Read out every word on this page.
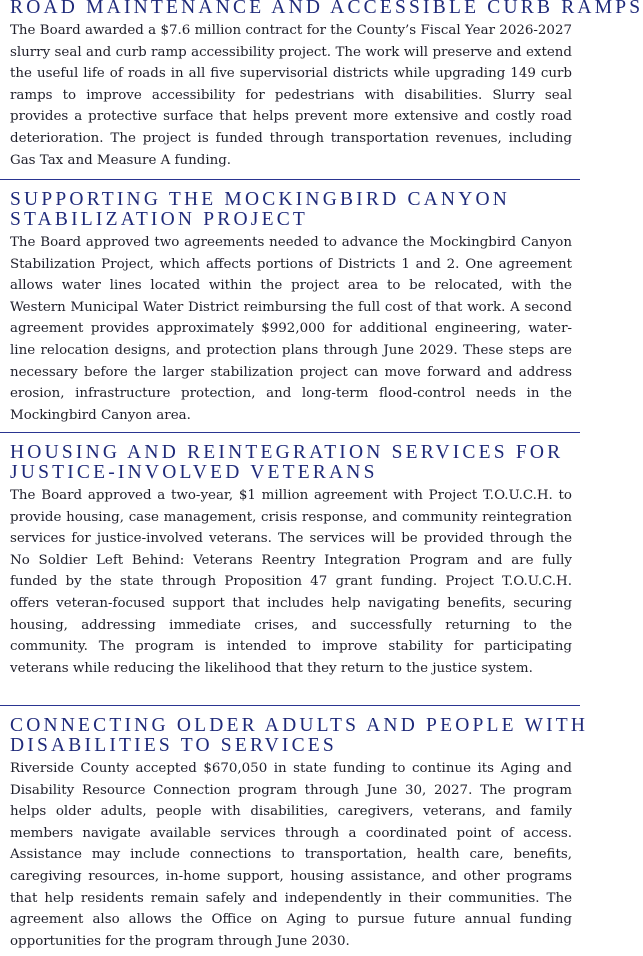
ROAD MAINTENANCE AND ACCESSIBLE CURB RAMPS

The Board awarded a $7.6 million contract for the County’s Fiscal Year 2026-2027 slurry seal and curb ramp accessibility project. The work will preserve and extend the useful life of roads in all five supervisorial districts while upgrading 149 curb ramps to improve accessibility for pedestrians with disabilities. Slurry seal provides a protective surface that helps prevent more extensive and costly road deterioration. The project is funded through transportation revenues, including Gas Tax and Measure A funding.

SUPPORTING THE MOCKINGBIRD CANYON
STABILIZATION PROJECT

The Board approved two agreements needed to advance the Mockingbird Canyon Stabilization Project, which affects portions of Districts 1 and 2. One agreement allows water lines located within the project area to be relocated, with the Western Municipal Water District reimbursing the full cost of that work. A second agreement provides approximately $992,000 for additional engineering, water-line relocation designs, and protection plans through June 2029. These steps are necessary before the larger stabilization project can move forward and address erosion, infrastructure protection, and long-term flood-control needs in the Mockingbird Canyon area.

HOUSING AND REINTEGRATION SERVICES FOR
JUSTICE-INVOLVED VETERANS

The Board approved a two-year, $1 million agreement with Project T.O.U.C.H. to provide housing, case management, crisis response, and community reintegration services for justice-involved veterans. The services will be provided through the No Soldier Left Behind: Veterans Reentry Integration Program and are fully funded by the state through Proposition 47 grant funding. Project T.O.U.C.H. offers veteran-focused support that includes help navigating benefits, securing housing, addressing immediate crises, and successfully returning to the community. The program is intended to improve stability for participating veterans while reducing the likelihood that they return to the justice system.

CONNECTING OLDER ADULTS AND PEOPLE WITH
DISABILITIES TO SERVICES

Riverside County accepted $670,050 in state funding to continue its Aging and Disability Resource Connection program through June 30, 2027. The program helps older adults, people with disabilities, caregivers, veterans, and family members navigate available services through a coordinated point of access. Assistance may include connections to transportation, health care, benefits, caregiving resources, in-home support, housing assistance, and other programs that help residents remain safely and independently in their communities. The agreement also allows the Office on Aging to pursue future annual funding opportunities for the program through June 2030.
